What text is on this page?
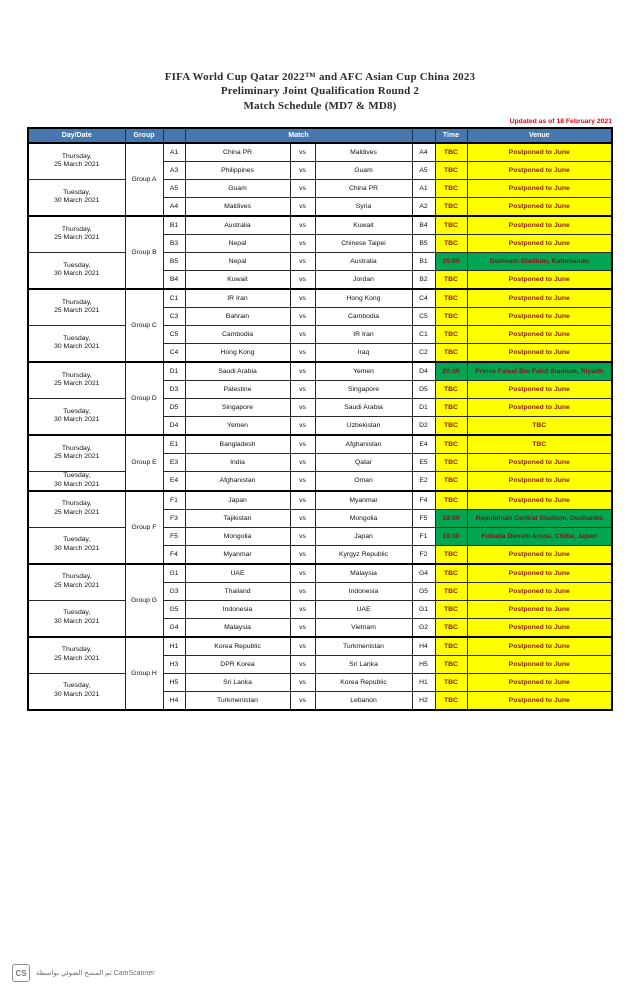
FIFA World Cup Qatar 2022™ and AFC Asian Cup China 2023
Preliminary Joint Qualification Round 2
Match Schedule (MD7 & MD8)
Updated as of 18 February 2021
Day/Date	Group		Match				Time	Venue

Thursday,
25 March 2021	Group A	A1	China PR	vs	Maldives	A4	TBC	Postponed to June
		A3	Philippines	vs	Guam	A5	TBC	Postponed to June

Tuesday,
30 March 2021		A5	Guam	vs	China PR	A1	TBC	Postponed to June
		A4	Maldives	vs	Syria	A2	TBC	Postponed to June

Thursday,
25 March 2021	Group B	B1	Australia	vs	Kuwait	B4	TBC	Postponed to June
		B3	Nepal	vs	Chinese Taipei	B5	TBC	Postponed to June

Tuesday,
30 March 2021		B5	Nepal	vs	Australia	B1	15:00	Dashrath Stadium, Kathmandu
		B4	Kuwait	vs	Jordan	B2	TBC	Postponed to June

Thursday,
25 March 2021	Group C	C1	IR Iran	vs	Hong Kong	C4	TBC	Postponed to June
		C3	Bahrain	vs	Cambodia	C5	TBC	Postponed to June

Tuesday,
30 March 2021		C5	Cambodia	vs	IR Iran	C1	TBC	Postponed to June
		C4	Hong Kong	vs	Iraq	C2	TBC	Postponed to June

Thursday,
25 March 2021	Group D	D1	Saudi Arabia	vs	Yemen	D4	20:30	Prince Faisal Bin Fahd Stadium, Riyadh
		D3	Palestine	vs	Singapore	D5	TBC	Postponed to June

Tuesday,
30 March 2021		D5	Singapore	vs	Saudi Arabia	D1	TBC	Postponed to June
		D4	Yemen	vs	Uzbekistan	D2	TBC	TBC

Thursday,
25 March 2021	Group E	E1	Bangladesh	vs	Afghanistan	E4	TBC	TBC
		E3	India	vs	Qatar	E5	TBC	Postponed to June

Tuesday,
30 March 2021		E4	Afghanistan	vs	Oman	E2	TBC	Postponed to June

Thursday,
25 March 2021	Group F	F1	Japan	vs	Myanmar	F4	TBC	Postponed to June
		F3	Tajikistan	vs	Mongolia	F5	18:00	Republican Central Stadium, Dushanbe

Tuesday,
30 March 2021		F5	Mongolia	vs	Japan	F1	19:30	Fukuda Denshi Arena, Chiba, Japan
		F4	Myanmar	vs	Kyrgyz Republic	F2	TBC	Postponed to June

Thursday,
25 March 2021	Group G	G1	UAE	vs	Malaysia	G4	TBC	Postponed to June
		G3	Thailand	vs	Indonesia	G5	TBC	Postponed to June

Tuesday,
30 March 2021		G5	Indonesia	vs	UAE	G1	TBC	Postponed to June
		G4	Malaysia	vs	Vietnam	G2	TBC	Postponed to June

Thursday,
25 March 2021	Group H	H1	Korea Republic	vs	Turkmenistan	H4	TBC	Postponed to June
		H3	DPR Korea	vs	Sri Lanka	H5	TBC	Postponed to June

Tuesday,
30 March 2021		H5	Sri Lanka	vs	Korea Republic	H1	TBC	Postponed to June
		H4	Turkmenistan	vs	Lebanon	H2	TBC	Postponed to June
CS	تم المسح الضوئي بواسطة CamScanner
